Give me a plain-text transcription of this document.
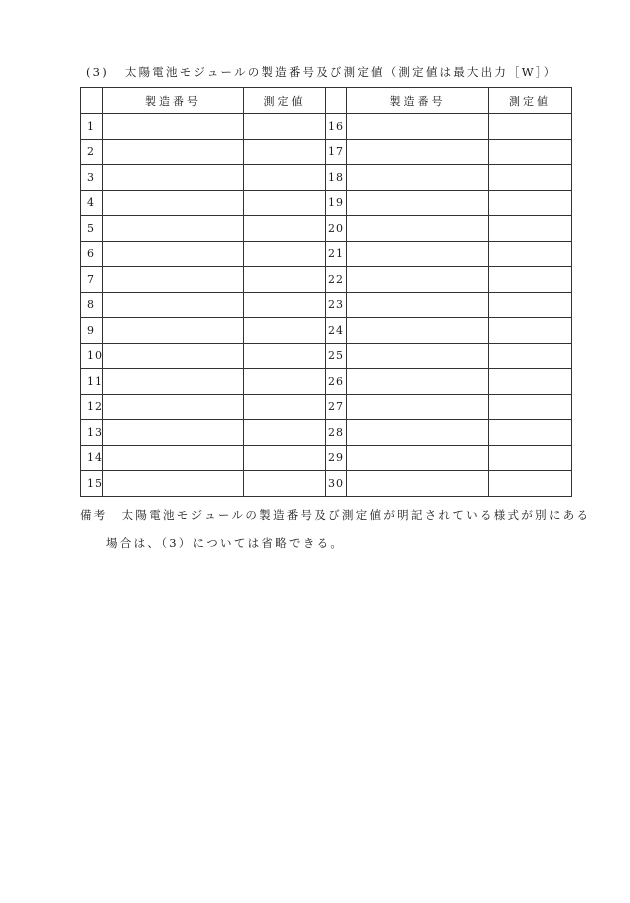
(3) 太陽電池モジュールの製造番号及び測定値（測定値は最大出力［W］）
	製造番号	測定値		製造番号	測定値
1			16		
2			17		
3			18		
4			19		
5			20		
6			21		
7			22		
8			23		
9			24		
10			25		
11			26		
12			27		
13			28		
14			29		
15			30		
備考 太陽電池モジュールの製造番号及び測定値が明記されている様式が別にある
場合は、（3）については省略できる。
